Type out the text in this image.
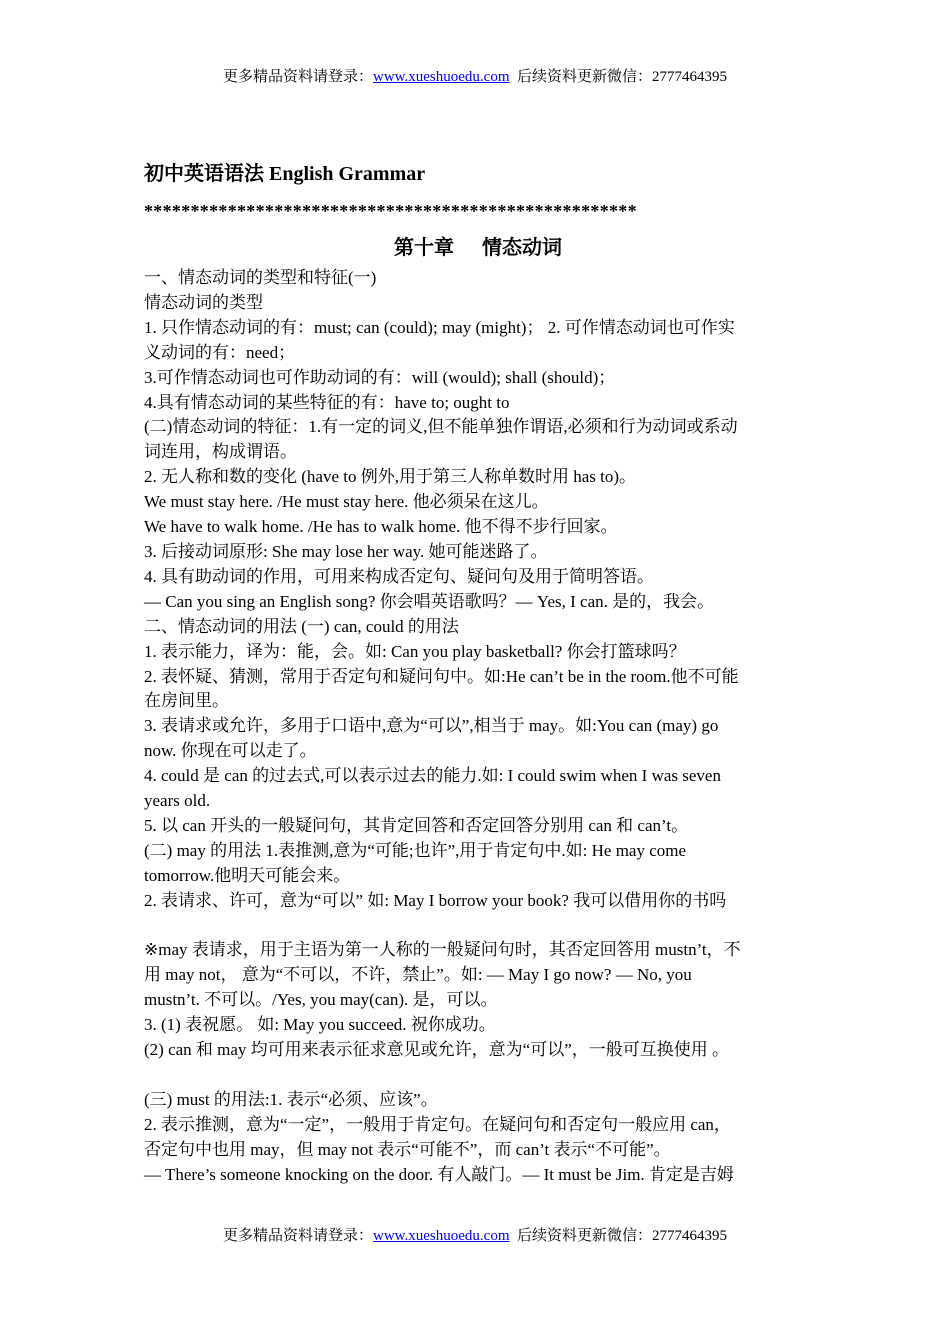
更多精品资料请登录：www.xueshuoedu.com 后续资料更新微信：2777464395
初中英语语法 English Grammar
*****************************************************
第十章 情态动词

一、情态动词的类型和特征(一)

情态动词的类型

1. 只作情态动词的有：must; can (could); may (might)； 2. 可作情态动词也可作实

义动词的有：need；

3.可作情态动词也可作助动词的有：will (would); shall (should)；

4.具有情态动词的某些特征的有：have to; ought to

(二)情态动词的特征：1.有一定的词义,但不能单独作谓语,必须和行为动词或系动

词连用，构成谓语。

2. 无人称和数的变化 (have to 例外,用于第三人称单数时用 has to)。

We must stay here. /He must stay here. 他必须呆在这儿。

We have to walk home. /He has to walk home. 他不得不步行回家。

3. 后接动词原形: She may lose her way. 她可能迷路了。

4. 具有助动词的作用，可用来构成否定句、疑问句及用于简明答语。

— Can you sing an English song? 你会唱英语歌吗？— Yes, I can. 是的，我会。

二、情态动词的用法 (一) can, could 的用法

1. 表示能力，译为：能，会。如: Can you play basketball? 你会打篮球吗？

2. 表怀疑、猜测，常用于否定句和疑问句中。如:He can’t be in the room.他不可能

在房间里。

3. 表请求或允许，多用于口语中,意为“可以”,相当于 may。如:You can (may) go

now. 你现在可以走了。

4. could 是 can 的过去式,可以表示过去的能力.如: I could swim when I was seven

years old.

5. 以 can 开头的一般疑问句，其肯定回答和否定回答分别用 can 和 can’t。

(二) may 的用法 1.表推测,意为“可能;也许”,用于肯定句中.如: He may come

tomorrow.他明天可能会来。

2. 表请求、许可，意为“可以” 如: May I borrow your book? 我可以借用你的书吗

※may 表请求，用于主语为第一人称的一般疑问句时，其否定回答用 mustn’t，不

用 may not， 意为“不可以，不许，禁止”。如: — May I go now? — No, you

mustn’t. 不可以。/Yes, you may(can). 是，可以。

3. (1) 表祝愿。 如: May you succeed. 祝你成功。

(2) can 和 may 均可用来表示征求意见或允许，意为“可以”，一般可互换使用 。

(三) must 的用法:1. 表示“必须、应该”。

2. 表示推测，意为“一定”，一般用于肯定句。在疑问句和否定句一般应用 can，

否定句中也用 may，但 may not 表示“可能不”，而 can’t 表示“不可能”。

— There’s someone knocking on the door. 有人敲门。— It must be Jim. 肯定是吉姆

更多精品资料请登录：www.xueshuoedu.com 后续资料更新微信：2777464395
